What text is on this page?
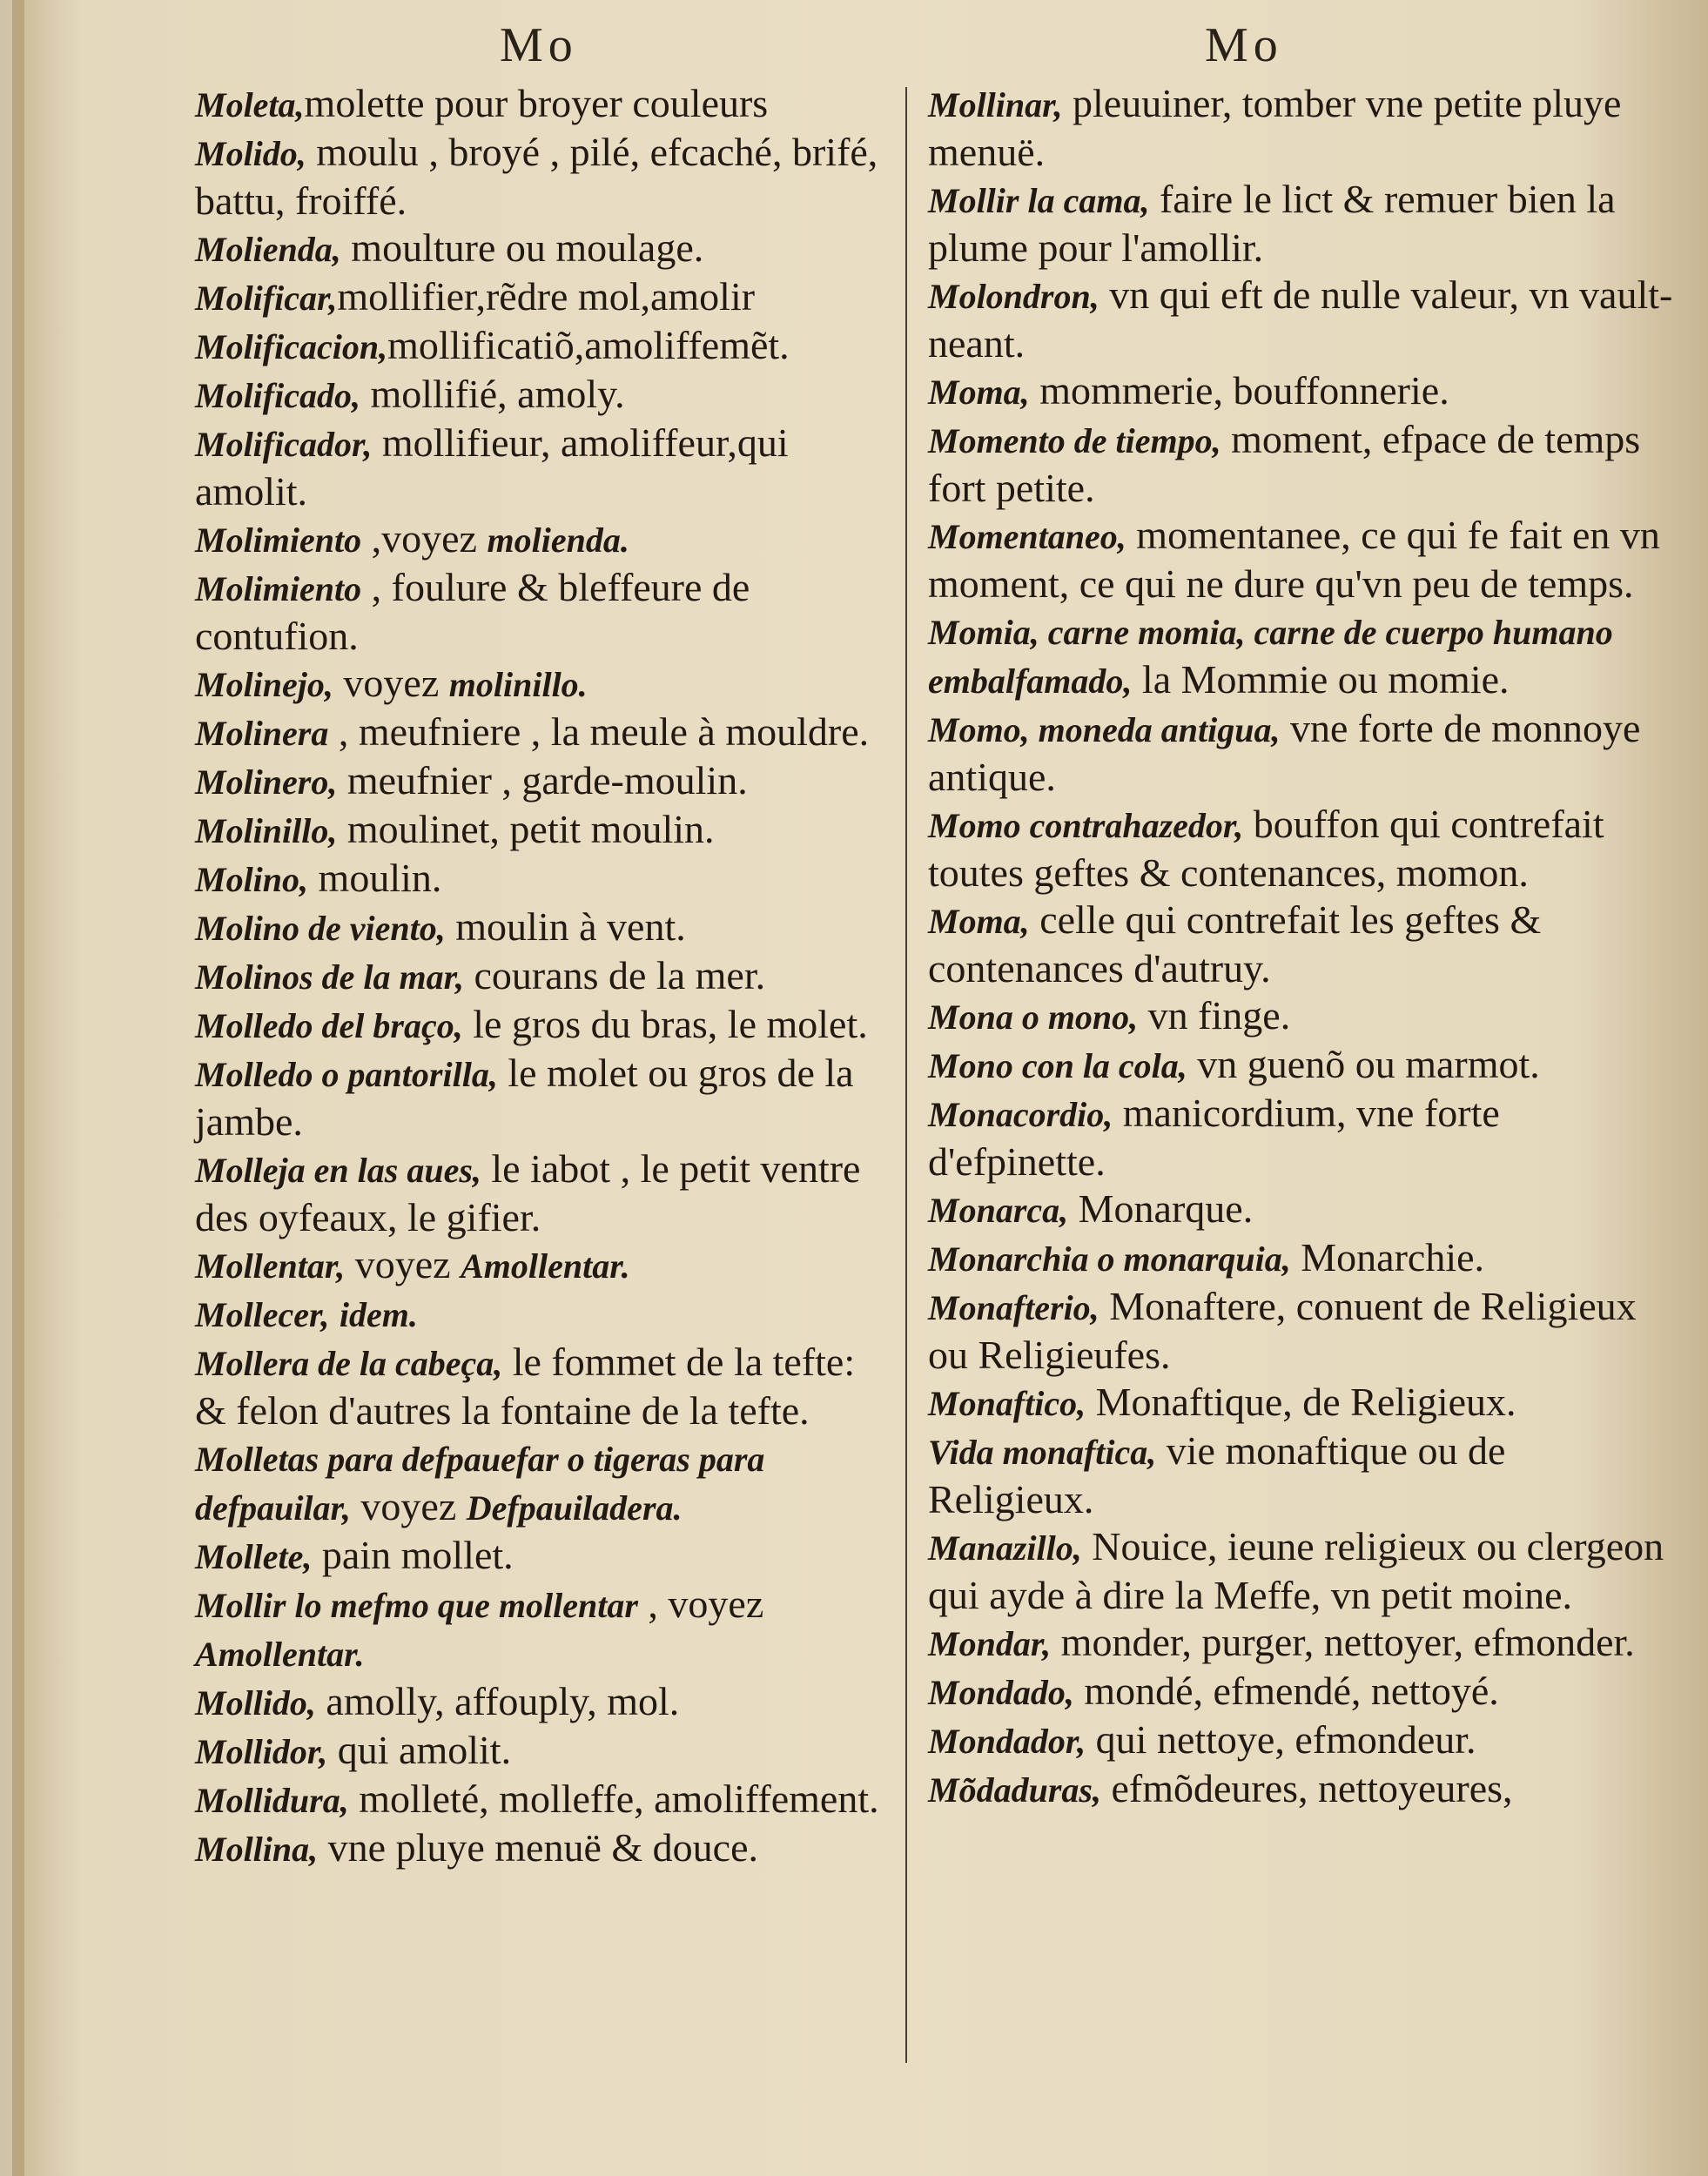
Mo	Mo

Moleta,molette pour broyer couleurs

Molido, moulu , broyé , pilé, efcaché, brifé, battu, froiffé.

Molienda, moulture ou moulage.

Molificar,mollifier,rẽdre mol,amolir

Molificacion,mollificatiõ,amoliffemẽt.

Molificado, mollifié, amoly.

Molificador, mollifieur, amoliffeur,qui amolit.

Molimiento ,voyez molienda.

Molimiento , foulure & bleffeure de contufion.

Molinejo, voyez molinillo.

Molinera , meufniere , la meule à mouldre.

Molinero, meufnier , garde-moulin.

Molinillo, moulinet, petit moulin.

Molino, moulin.

Molino de viento, moulin à vent.

Molinos de la mar, courans de la mer.

Molledo del braço, le gros du bras, le molet.

Molledo o pantorilla, le molet ou gros de la jambe.

Molleja en las aues, le iabot , le petit ventre des oyfeaux, le gifier.

Mollentar, voyez Amollentar.

Mollecer, idem.

Mollera de la cabeça, le fommet de la tefte: & felon d'autres la fontaine de la tefte.

Molletas para defpauefar o tigeras para defpauilar, voyez Defpauiladera.

Mollete, pain mollet.

Mollir lo mefmo que mollentar , voyez Amollentar.

Mollido, amolly, affouply, mol.

Mollidor, qui amolit.

Mollidura, molleté, molleffe, amoliffement.

Mollina, vne pluye menuë & douce.

Mollinar, pleuuiner, tomber vne petite pluye menuë.

Mollir la cama, faire le lict & remuer bien la plume pour l'amollir.

Molondron, vn qui eft de nulle valeur, vn vault-neant.

Moma, mommerie, bouffonnerie.

Momento de tiempo, moment, efpace de temps fort petite.

Momentaneo, momentanee, ce qui fe fait en vn moment, ce qui ne dure qu'vn peu de temps.

Momia, carne momia, carne de cuerpo humano embalfamado, la Mommie ou momie.

Momo, moneda antigua, vne forte de monnoye antique.

Momo contrahazedor, bouffon qui contrefait toutes geftes & contenances, momon.

Moma, celle qui contrefait les geftes & contenances d'autruy.

Mona o mono, vn finge.

Mono con la cola, vn guenõ ou marmot.

Monacordio, manicordium, vne forte d'efpinette.

Monarca, Monarque.

Monarchia o monarquia, Monarchie.

Monafterio, Monaftere, conuent de Religieux ou Religieufes.

Monaftico, Monaftique, de Religieux.

Vida monaftica, vie monaftique ou de Religieux.

Manazillo, Nouice, ieune religieux ou clergeon qui ayde à dire la Meffe, vn petit moine.

Mondar, monder, purger, nettoyer, efmonder.

Mondado, mondé, efmendé, nettoyé.

Mondador, qui nettoye, efmondeur.

Mõdaduras, efmõdeures, nettoyeures,
